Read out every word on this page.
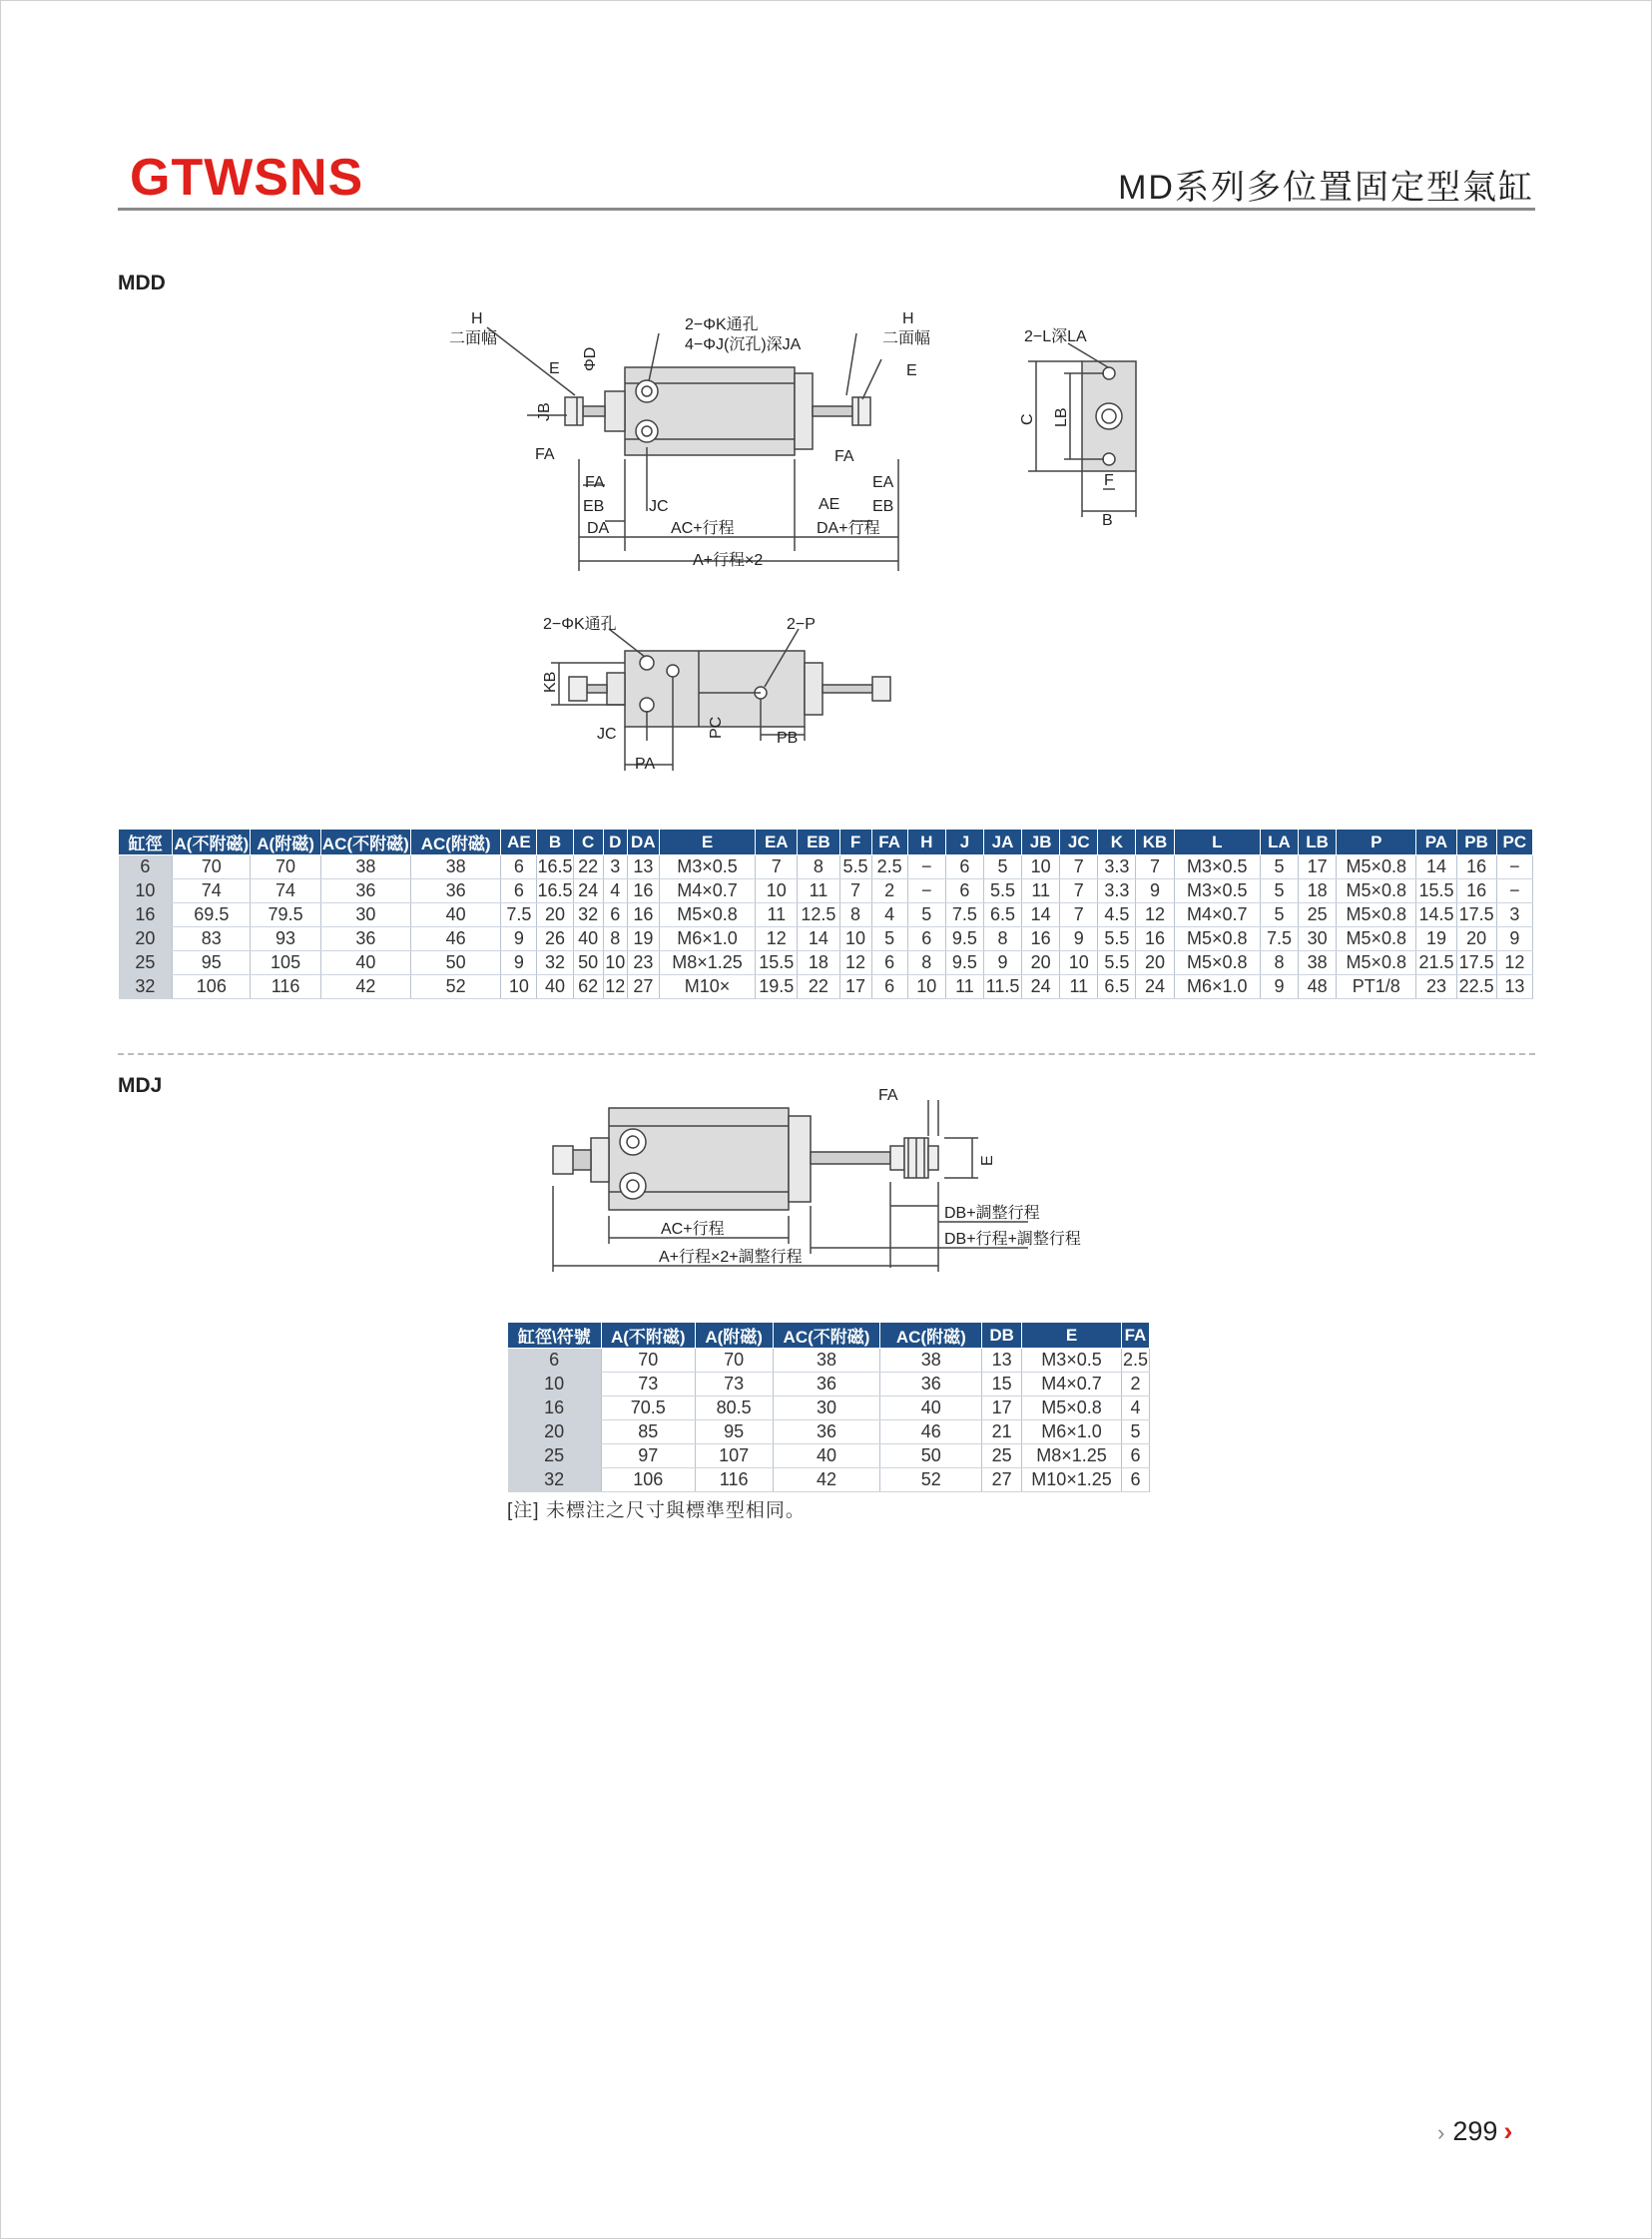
GTWSNS	MD系列多位置固定型氣缸
MDD
H
二面幅
E ΦD
JB
FA
FA
EB	JC
DA	AC+行程
AE EB
DA+行程
FA
EA
A+行程×2
2−ΦK通孔
4−ΦJ(沉孔)深JA
H
二面幅
E
2−L深LA
C LB
F
B
2−ΦK通孔	2−P
KB
JC
PA
PC	PB
缸徑	A(不附磁)	A(附磁)	AC(不附磁)	AC(附磁)	AE	B	C	D	DA	E	EA	EB	F	FA	H	J	JA	JB	JC	K	KB	L	LA	LB	P	PA	PB	PC
6	70	70	38	38	6	16.5	22	3	13	M3×0.5	7	8	5.5	2.5	−	6	5	10	7	3.3	7	M3×0.5	5	17	M5×0.8	14	16	−
10	74	74	36	36	6	16.5	24	4	16	M4×0.7	10	11	7	2	−	6	5.5	11	7	3.3	9	M3×0.5	5	18	M5×0.8	15.5	16	−
16	69.5	79.5	30	40	7.5	20	32	6	16	M5×0.8	11	12.5	8	4	5	7.5	6.5	14	7	4.5	12	M4×0.7	5	25	M5×0.8	14.5	17.5	3
20	83	93	36	46	9	26	40	8	19	M6×1.0	12	14	10	5	6	9.5	8	16	9	5.5	16	M5×0.8	7.5	30	M5×0.8	19	20	9
25	95	105	40	50	9	32	50	10	23	M8×1.25	15.5	18	12	6	8	9.5	9	20	10	5.5	20	M5×0.8	8	38	M5×0.8	21.5	17.5	12
32	106	116	42	52	10	40	62	12	27	M10×	19.5	22	17	6	10	11	11.5	24	11	6.5	24	M6×1.0	9	48	PT1/8	23	22.5	13
MDJ	FA
E
DB+調整行程
AC+行程
DB+行程+調整行程
A+行程×2+調整行程
缸徑\符號	A(不附磁)	A(附磁)	AC(不附磁)	AC(附磁)	DB	E	FA
6	70	70	38	38	13	M3×0.5	2.5
10	73	73	36	36	15	M4×0.7	2
16	70.5	80.5	30	40	17	M5×0.8	4
20	85	95	36	46	21	M6×1.0	5
25	97	107	40	50	25	M8×1.25	6
32	106	116	42	52	27	M10×1.25	6
[注] 未標注之尺寸與標準型相同。
› 299 ›
